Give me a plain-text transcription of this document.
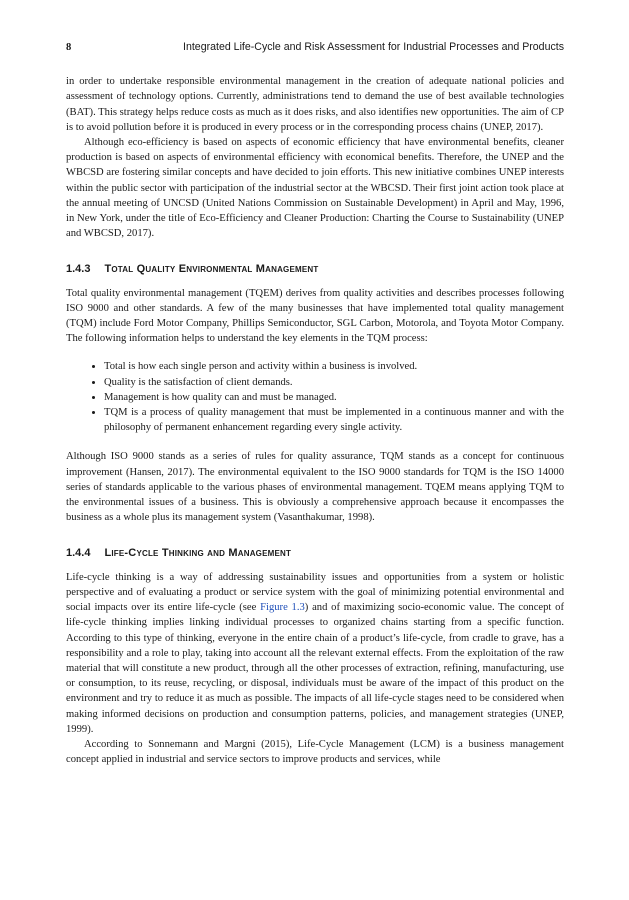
8	Integrated Life-Cycle and Risk Assessment for Industrial Processes and Products

in order to undertake responsible environmental management in the creation of adequate national policies and assessment of technology options. Currently, administrations tend to demand the use of best available technologies (BAT). This strategy helps reduce costs as much as it does risks, and also identifies new opportunities. The aim of CP is to avoid pollution before it is produced in every process or in the corresponding process chains (UNEP, 2017).

Although eco-efficiency is based on aspects of economic efficiency that have environmental benefits, cleaner production is based on aspects of environmental efficiency with economical benefits. Therefore, the UNEP and the WBCSD are fostering similar concepts and have decided to join efforts. This new initiative combines UNEP interests within the public sector with participation of the industrial sector at the WBCSD. Their first joint action took place at the annual meeting of UNCSD (United Nations Commission on Sustainable Development) in April and May, 1996, in New York, under the title of Eco-Efficiency and Cleaner Production: Charting the Course to Sustainability (UNEP and WBCSD, 2017).

1.4.3 Total Quality Environmental Management

Total quality environmental management (TQEM) derives from quality activities and describes processes following ISO 9000 and other standards. A few of the many businesses that have implemented total quality management (TQM) include Ford Motor Company, Phillips Semiconductor, SGL Carbon, Motorola, and Toyota Motor Company. The following information helps to understand the key elements in the TQM process:

• Total is how each single person and activity within a business is involved.
• Quality is the satisfaction of client demands.
• Management is how quality can and must be managed.
• TQM is a process of quality management that must be implemented in a continuous manner and with the philosophy of permanent enhancement regarding every single activity.

Although ISO 9000 stands as a series of rules for quality assurance, TQM stands as a concept for continuous improvement (Hansen, 2017). The environmental equivalent to the ISO 9000 standards for TQM is the ISO 14000 series of standards applicable to the various phases of environmental management. TQEM means applying TQM to the environmental issues of a business. This is obviously a comprehensive approach because it encompasses the business as a whole plus its management system (Vasanthakumar, 1998).

1.4.4 Life-Cycle Thinking and Management

Life-cycle thinking is a way of addressing sustainability issues and opportunities from a system or holistic perspective and of evaluating a product or service system with the goal of minimizing potential environmental and social impacts over its entire life-cycle (see Figure 1.3) and of maximizing socio-economic value. The concept of life-cycle thinking implies linking individual processes to organized chains starting from a specific function. According to this type of thinking, everyone in the entire chain of a product’s life-cycle, from cradle to grave, has a responsibility and a role to play, taking into account all the relevant external effects. From the exploitation of the raw material that will constitute a new product, through all the other processes of extraction, refining, manufacturing, use or consumption, to its reuse, recycling, or disposal, individuals must be aware of the impact of this product on the environment and try to reduce it as much as possible. The impacts of all life-cycle stages need to be considered when making informed decisions on production and consumption patterns, policies, and management strategies (UNEP, 1999).

According to Sonnemann and Margni (2015), Life-Cycle Management (LCM) is a business management concept applied in industrial and service sectors to improve products and services, while
